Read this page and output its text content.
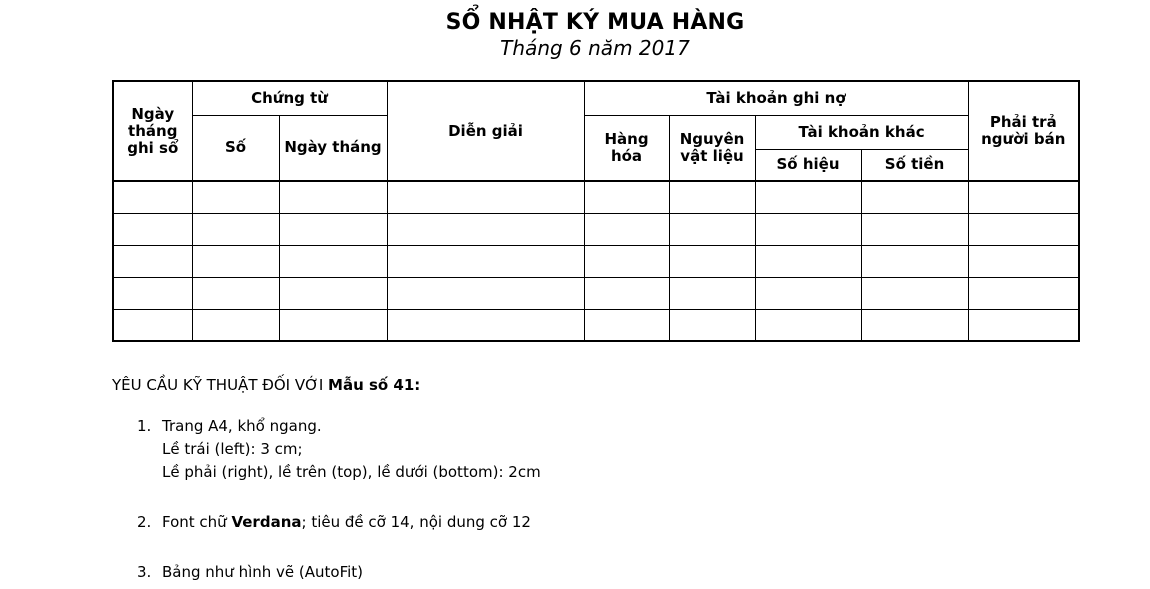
SỔ NHẬT KÝ MUA HÀNG
Tháng 6 năm 2017
Ngày tháng ghi sổ	Chứng từ		Diễn giải	Tài khoản ghi nợ				Phải trả người bán
	Số	Ngày tháng		Hàng hóa	Nguyên vật liệu	Tài khoản khác		
						Số hiệu	Số tiền	

YÊU CẦU KỸ THUẬT ĐỐI VỚI Mẫu số 41:
1. Trang A4, khổ ngang.
Lề trái (left): 3 cm;
Lề phải (right), lề trên (top), lề dưới (bottom): 2cm
2. Font chữ Verdana; tiêu đề cỡ 14, nội dung cỡ 12
3. Bảng như hình vẽ (AutoFit)
